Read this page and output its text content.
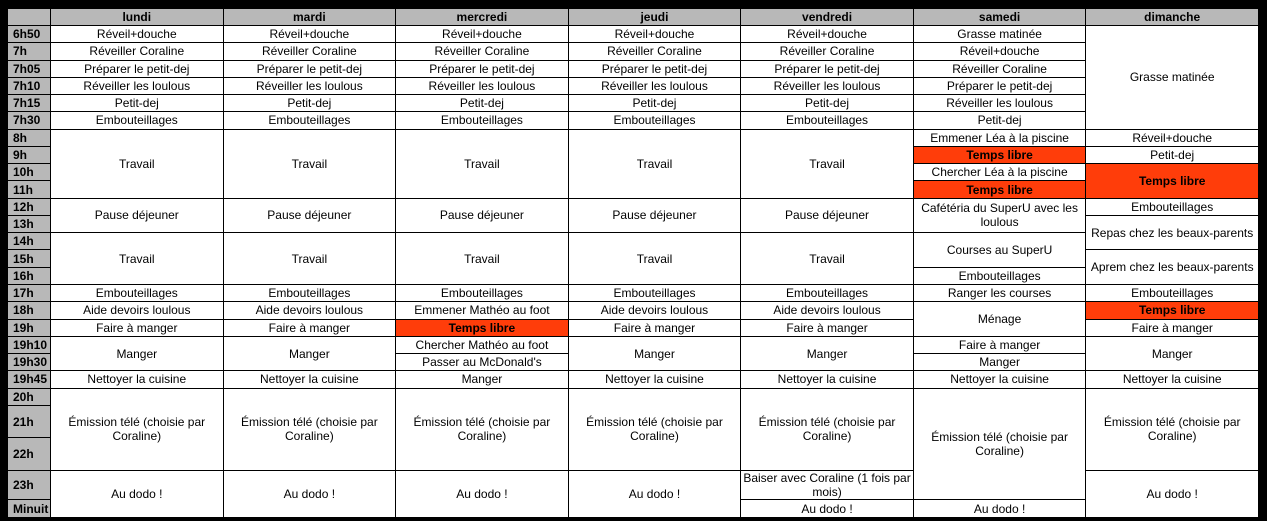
	lundi	mardi	mercredi	jeudi	vendredi	samedi	dimanche
6h50	Réveil+douche	Réveil+douche	Réveil+douche	Réveil+douche	Réveil+douche	Grasse matinée	Grasse matinée
7h	Réveiller Coraline	Réveiller Coraline	Réveiller Coraline	Réveiller Coraline	Réveiller Coraline	Réveil+douche	
7h05	Préparer le petit-dej	Préparer le petit-dej	Préparer le petit-dej	Préparer le petit-dej	Préparer le petit-dej	Réveiller Coraline	
7h10	Réveiller les loulous	Réveiller les loulous	Réveiller les loulous	Réveiller les loulous	Réveiller les loulous	Préparer le petit-dej	
7h15	Petit-dej	Petit-dej	Petit-dej	Petit-dej	Petit-dej	Réveiller les loulous	
7h30	Embouteillages	Embouteillages	Embouteillages	Embouteillages	Embouteillages	Petit-dej	
8h	Travail	Travail	Travail	Travail	Travail	Emmener Léa à la piscine	Réveil+douche
9h						Temps libre	Petit-dej
10h						Chercher Léa à la piscine	Temps libre
11h						Temps libre	
12h	Pause déjeuner	Pause déjeuner	Pause déjeuner	Pause déjeuner	Pause déjeuner	Cafétéria du SuperU avec les loulous	Embouteillages
13h							Repas chez les beaux-parents
14h	Travail	Travail	Travail	Travail	Travail	Courses au SuperU	
15h							Aprem chez les beaux-parents
16h						Embouteillages	
17h	Embouteillages	Embouteillages	Embouteillages	Embouteillages	Embouteillages	Ranger les courses	Embouteillages
18h	Aide devoirs loulous	Aide devoirs loulous	Emmener Mathéo au foot	Aide devoirs loulous	Aide devoirs loulous	Ménage	Temps libre
19h	Faire à manger	Faire à manger	Temps libre	Faire à manger	Faire à manger		Faire à manger
19h10	Manger	Manger	Chercher Mathéo au foot	Manger	Manger	Faire à manger	Manger
19h30			Passer au McDonald's			Manger	
19h45	Nettoyer la cuisine	Nettoyer la cuisine	Manger	Nettoyer la cuisine	Nettoyer la cuisine	Nettoyer la cuisine	Nettoyer la cuisine
20h	Émission télé (choisie par Coraline)	Émission télé (choisie par Coraline)	Émission télé (choisie par Coraline)	Émission télé (choisie par Coraline)	Émission télé (choisie par Coraline)	Émission télé (choisie par Coraline)	Émission télé (choisie par Coraline)
21h							
22h							
23h	Au dodo !	Au dodo !	Au dodo !	Au dodo !	Baiser avec Coraline (1 fois par mois)		Au dodo !
Minuit					Au dodo !	Au dodo !	
